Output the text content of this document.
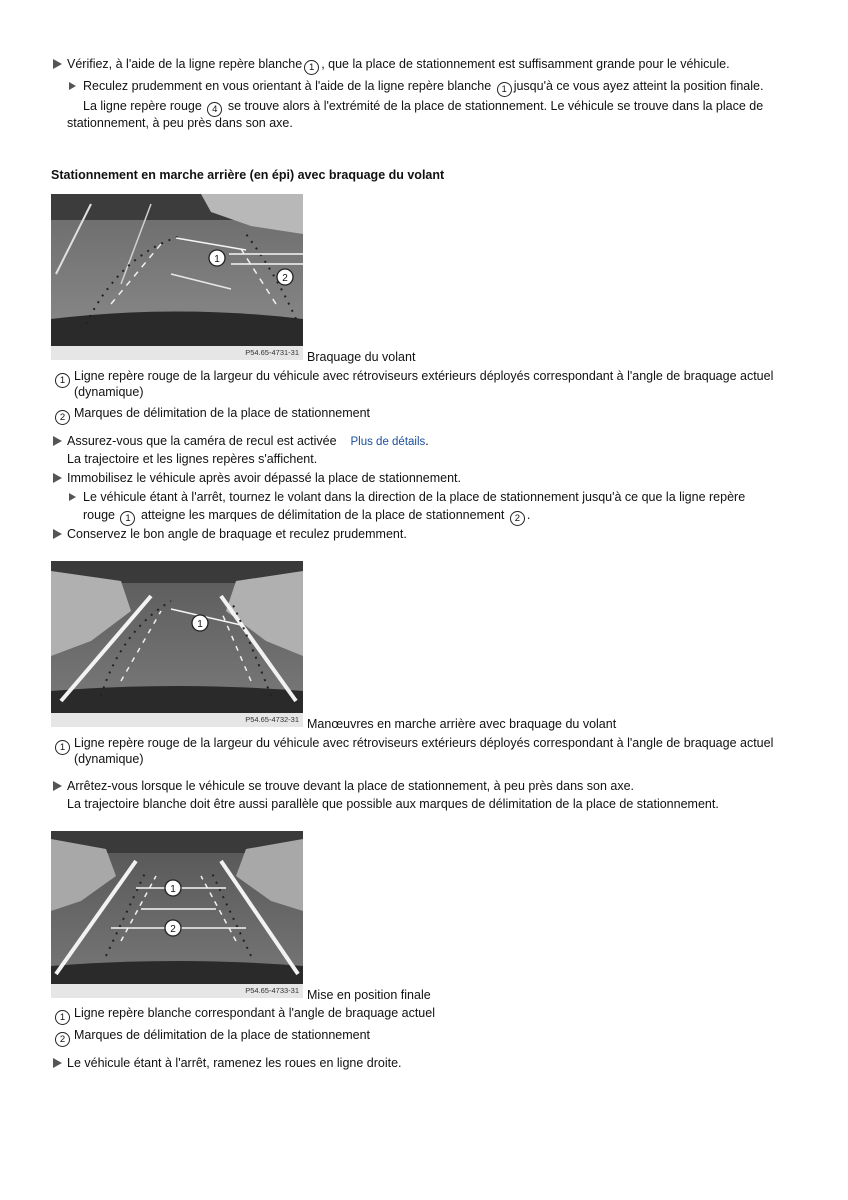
Vérifiez, à l'aide de la ligne repère blanche 1 , que la place de stationnement est suffisamment grande pour le véhicule.
Reculez prudemment en vous orientant à l'aide de la ligne repère blanche 1 jusqu'à ce vous ayez atteint la position finale.
La ligne repère rouge 4 se trouve alors à l'extrémité de la place de stationnement. Le véhicule se trouve dans la place de
stationnement, à peu près dans son axe.
Stationnement en marche arrière (en épi) avec braquage du volant
1
2
P54.65-4731-31 Braquage du volant
1 Ligne repère rouge de la largeur du véhicule avec rétroviseurs extérieurs déployés correspondant à l'angle de braquage actuel
(dynamique)
2 Marques de délimitation de la place de stationnement
Assurez-vous que la caméra de recul est activée Plus de détails.
La trajectoire et les lignes repères s'affichent.
Immobilisez le véhicule après avoir dépassé la place de stationnement.
Le véhicule étant à l'arrêt, tournez le volant dans la direction de la place de stationnement jusqu'à ce que la ligne repère
rouge 1 atteigne les marques de délimitation de la place de stationnement 2 .
Conservez le bon angle de braquage et reculez prudemment.
1
P54.65-4732-31 Manœuvres en marche arrière avec braquage du volant
1 Ligne repère rouge de la largeur du véhicule avec rétroviseurs extérieurs déployés correspondant à l'angle de braquage actuel
(dynamique)
Arrêtez-vous lorsque le véhicule se trouve devant la place de stationnement, à peu près dans son axe.
La trajectoire blanche doit être aussi parallèle que possible aux marques de délimitation de la place de stationnement.
1
2
P54.65-4733-31 Mise en position finale
1 Ligne repère blanche correspondant à l'angle de braquage actuel
2 Marques de délimitation de la place de stationnement
Le véhicule étant à l'arrêt, ramenez les roues en ligne droite.
